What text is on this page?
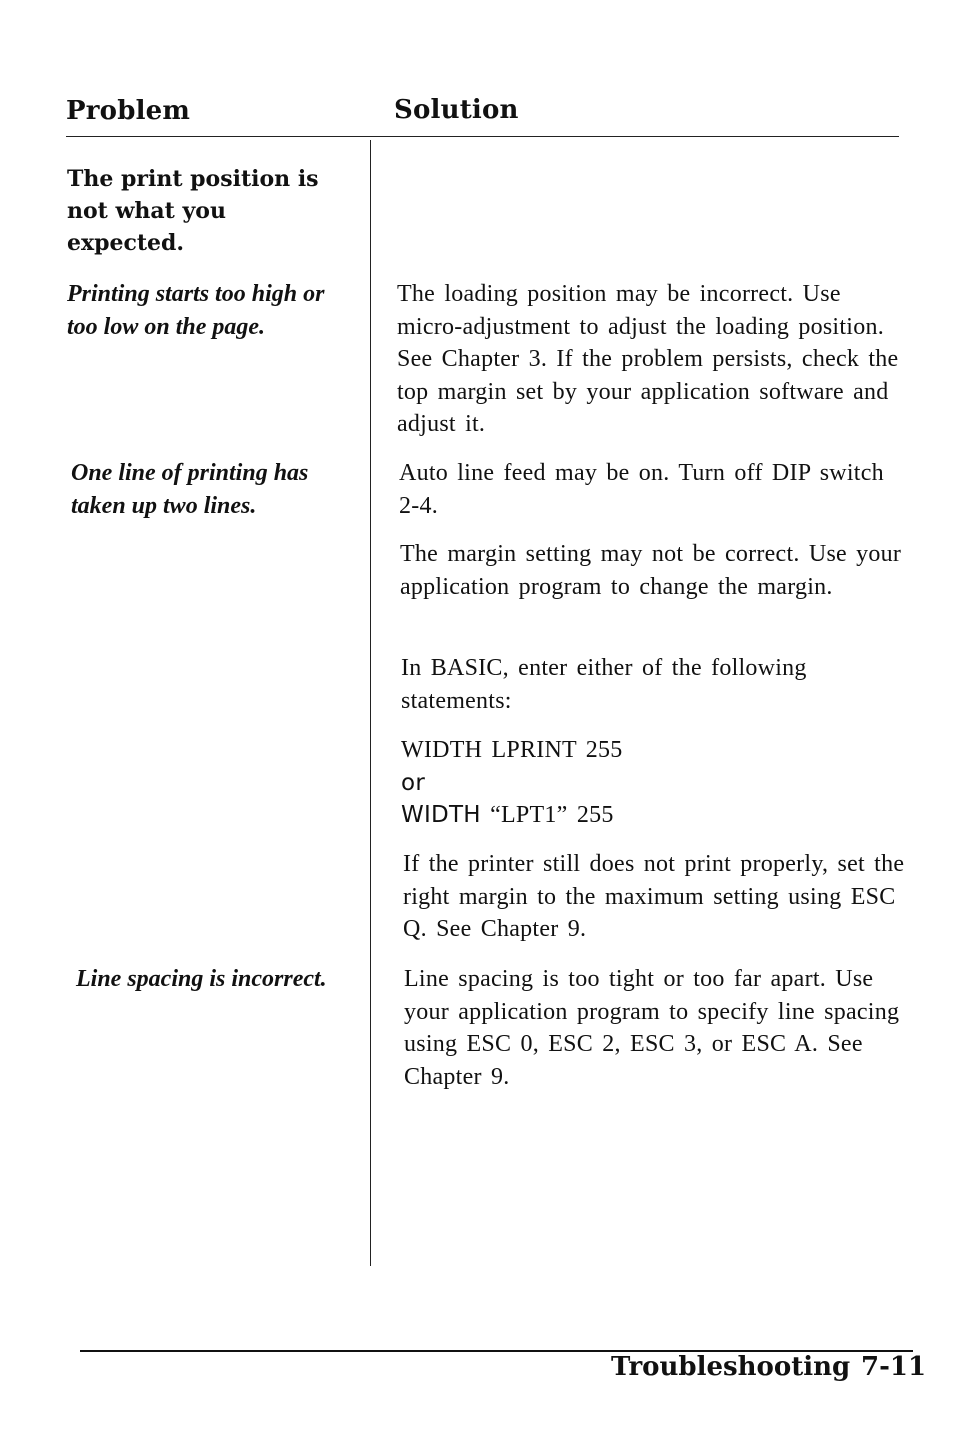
Problem	Solution
The print position is not what you expected.
Printing starts too high or too low on the page.
The loading position may be incorrect. Use micro-adjustment to adjust the loading position. See Chapter 3. If the problem persists, check the top margin set by your application software and adjust it.
One line of printing has taken up two lines.
Auto line feed may be on. Turn off DIP switch 2-4.
The margin setting may not be correct. Use your application program to change the margin.
In BASIC, enter either of the following statements:
WIDTH LPRINT 255
or
WIDTH “LPT1” 255
If the printer still does not print properly, set the right margin to the maximum setting using ESC Q. See Chapter 9.
Line spacing is incorrect.	Line spacing is too tight or too far apart. Use your application program to specify line spacing using ESC 0, ESC 2, ESC 3, or ESC A. See Chapter 9.
Troubleshooting 7-11
